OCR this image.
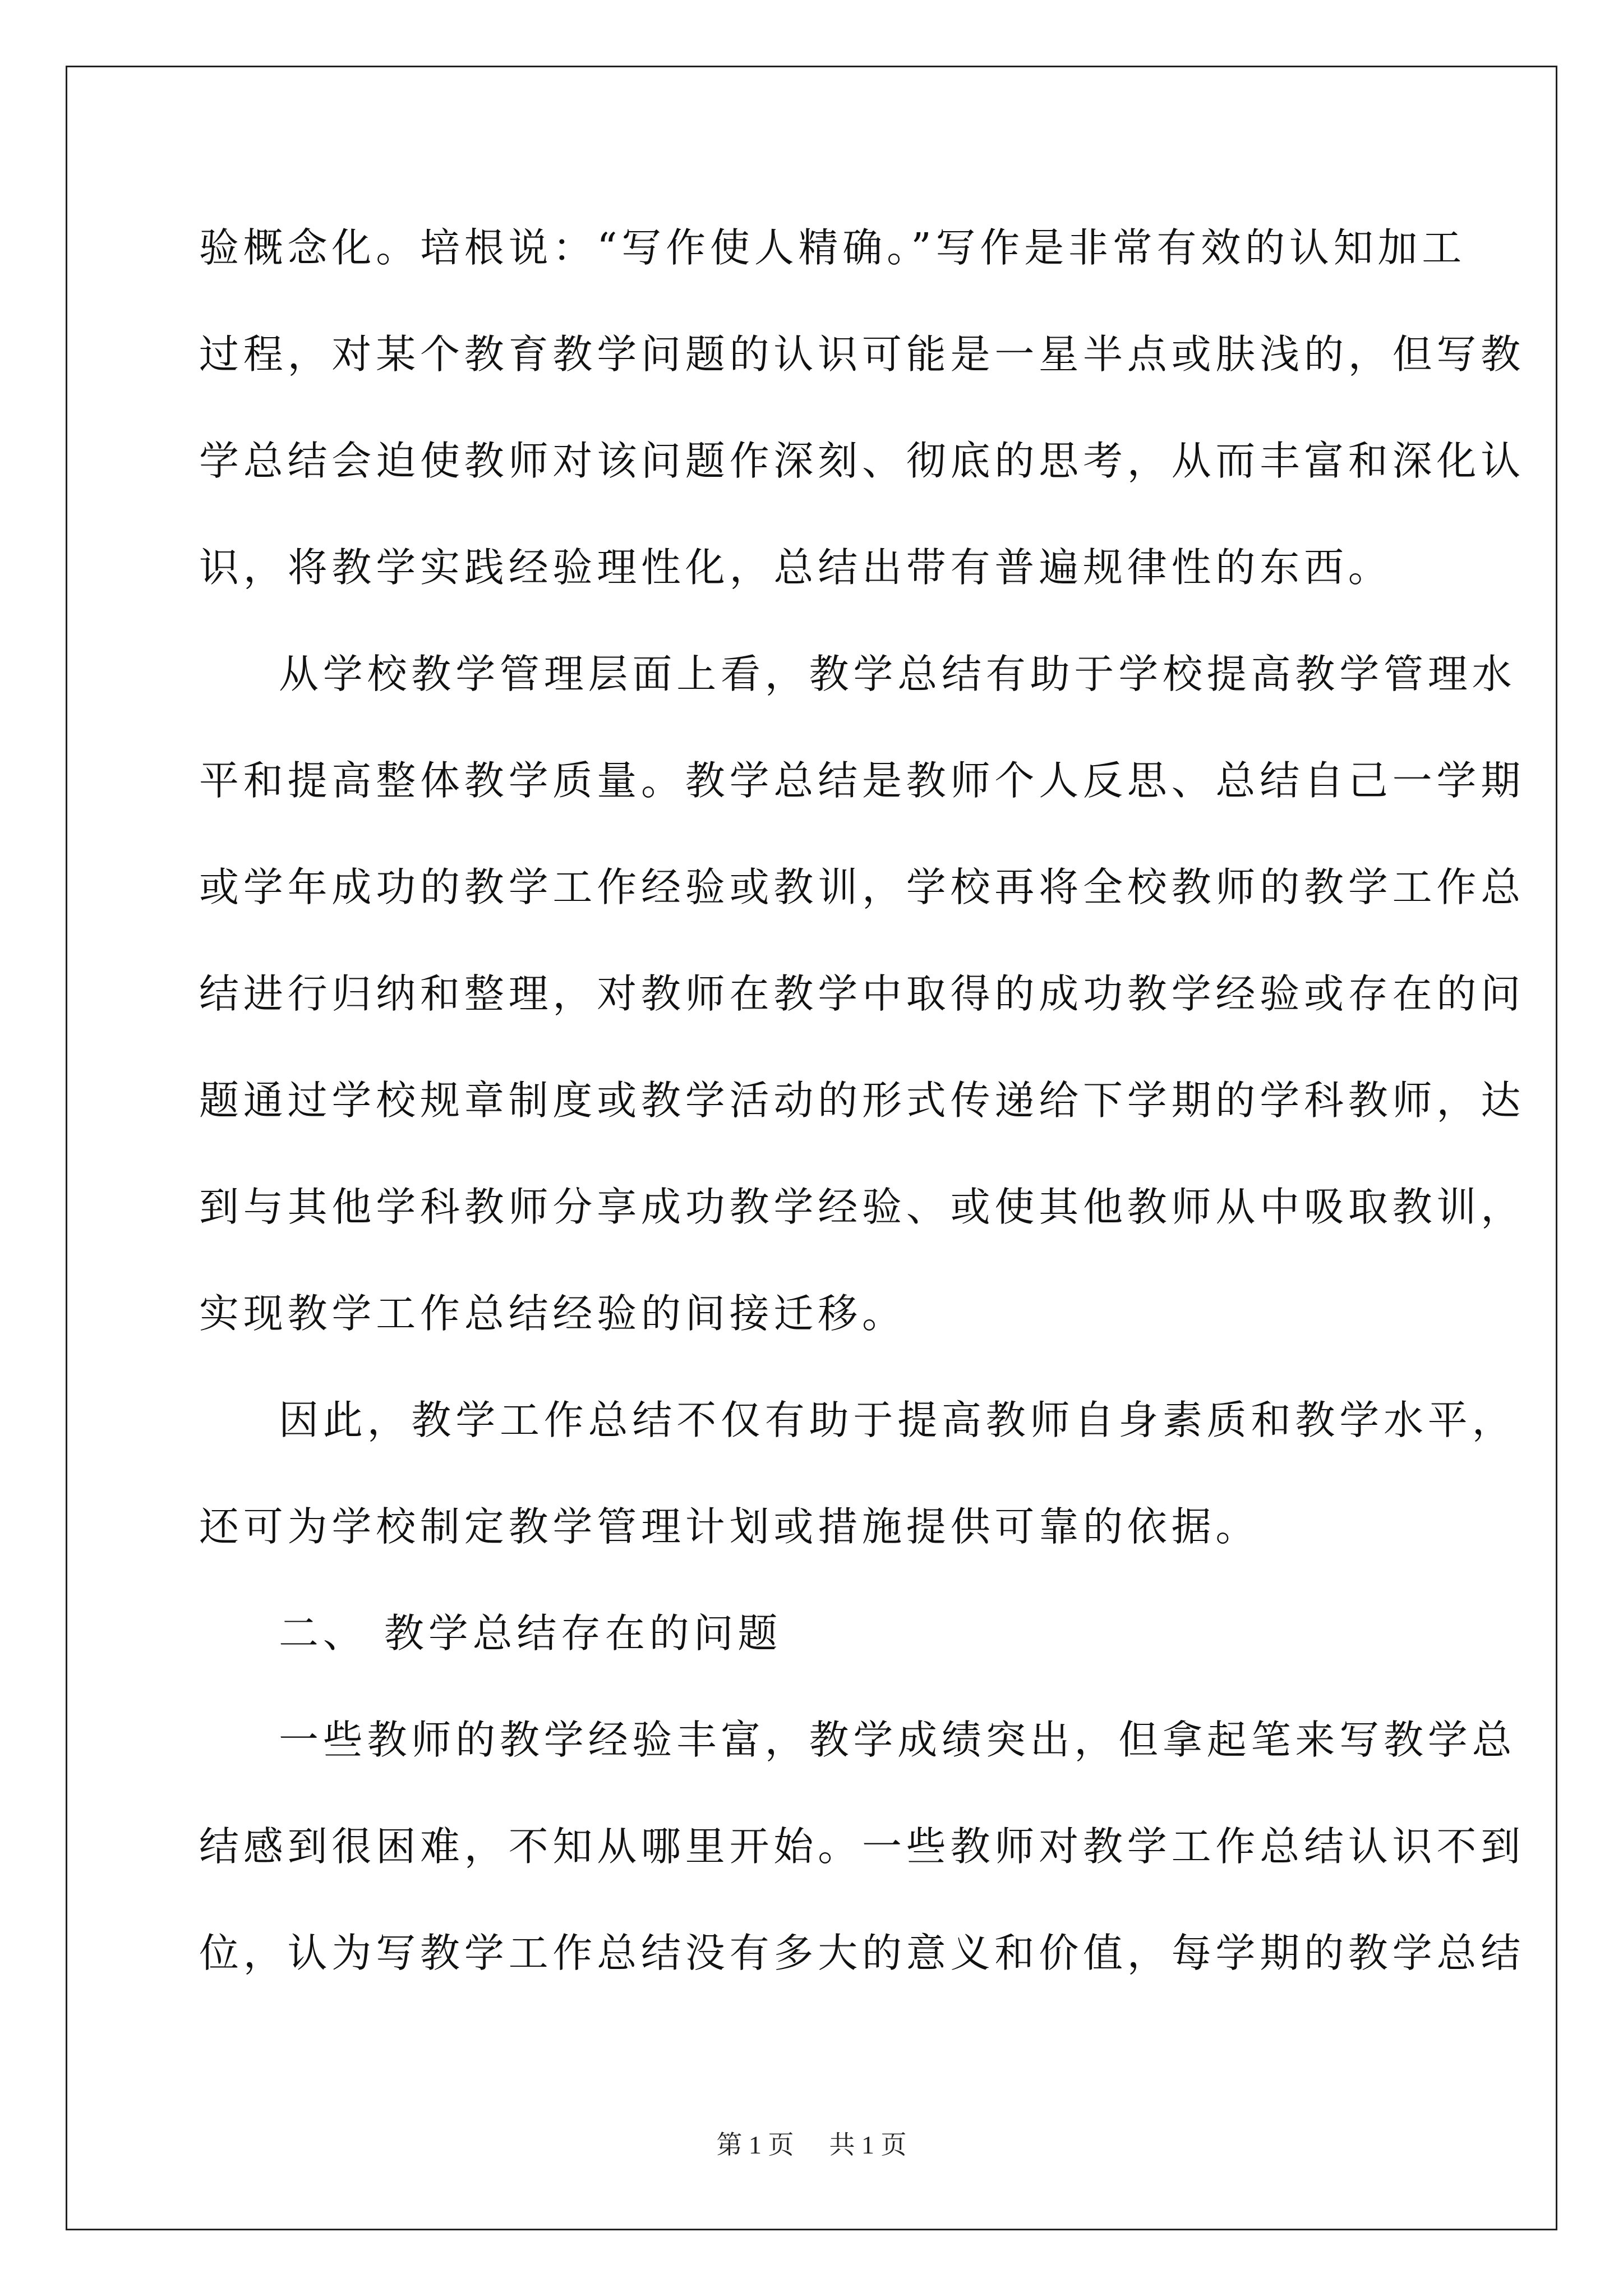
验概念化。培根说：“写作使人精确。”写作是非常有效的认知加工

过程，对某个教育教学问题的认识可能是一星半点或肤浅的，但写教

学总结会迫使教师对该问题作深刻、彻底的思考，从而丰富和深化认

识，将教学实践经验理性化，总结出带有普遍规律性的东西。

从学校教学管理层面上看，教学总结有助于学校提高教学管理水

平和提高整体教学质量。教学总结是教师个人反思、总结自己一学期

或学年成功的教学工作经验或教训，学校再将全校教师的教学工作总

结进行归纳和整理，对教师在教学中取得的成功教学经验或存在的问

题通过学校规章制度或教学活动的形式传递给下学期的学科教师，达

到与其他学科教师分享成功教学经验、或使其他教师从中吸取教训，

实现教学工作总结经验的间接迁移。

因此，教学工作总结不仅有助于提高教师自身素质和教学水平，

还可为学校制定教学管理计划或措施提供可靠的依据。

二、 教学总结存在的问题

一些教师的教学经验丰富，教学成绩突出，但拿起笔来写教学总

结感到很困难，不知从哪里开始。一些教师对教学工作总结认识不到

位，认为写教学工作总结没有多大的意义和价值，每学期的教学总结

第 1 页 共 1 页
